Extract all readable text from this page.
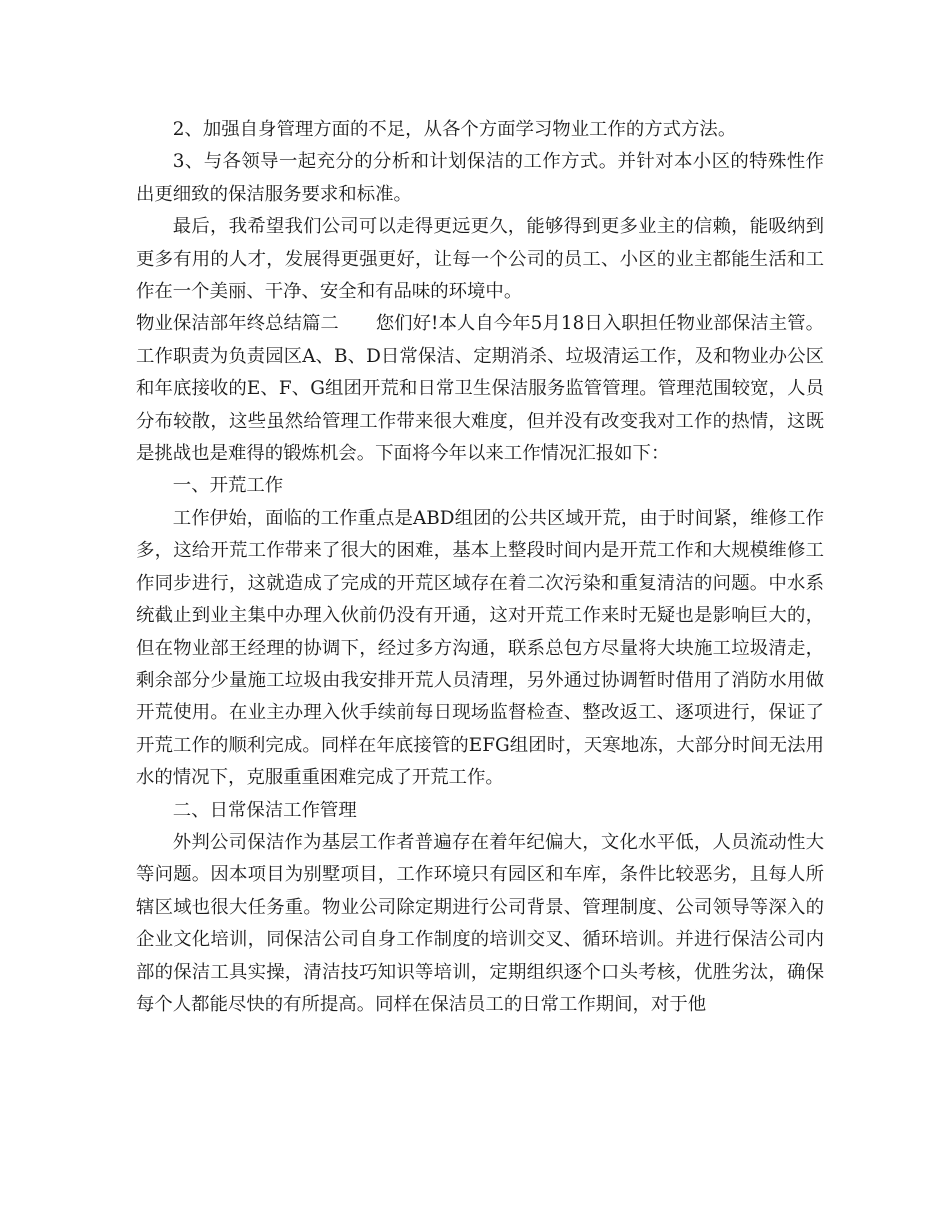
2、加强自身管理方面的不足，从各个方面学习物业工作的方式方法。

3、与各领导一起充分的分析和计划保洁的工作方式。并针对本小区的特殊性作出更细致的保洁服务要求和标准。

最后，我希望我们公司可以走得更远更久，能够得到更多业主的信赖，能吸纳到更多有用的人才，发展得更强更好，让每一个公司的员工、小区的业主都能生活和工作在一个美丽、干净、安全和有品味的环境中。

物业保洁部年终总结篇二　　您们好!本人自今年5月18日入职担任物业部保洁主管。工作职责为负责园区A、B、D日常保洁、定期消杀、垃圾清运工作，及和物业办公区和年底接收的E、F、G组团开荒和日常卫生保洁服务监管管理。管理范围较宽，人员分布较散，这些虽然给管理工作带来很大难度，但并没有改变我对工作的热情，这既是挑战也是难得的锻炼机会。下面将今年以来工作情况汇报如下：

一、开荒工作

工作伊始，面临的工作重点是ABD组团的公共区域开荒，由于时间紧，维修工作多，这给开荒工作带来了很大的困难，基本上整段时间内是开荒工作和大规模维修工作同步进行，这就造成了完成的开荒区域存在着二次污染和重复清洁的问题。中水系统截止到业主集中办理入伙前仍没有开通，这对开荒工作来时无疑也是影响巨大的，但在物业部王经理的协调下，经过多方沟通，联系总包方尽量将大块施工垃圾清走，剩余部分少量施工垃圾由我安排开荒人员清理，另外通过协调暂时借用了消防水用做开荒使用。在业主办理入伙手续前每日现场监督检查、整改返工、逐项进行，保证了开荒工作的顺利完成。同样在年底接管的EFG组团时，天寒地冻，大部分时间无法用水的情况下，克服重重困难完成了开荒工作。

二、日常保洁工作管理

外判公司保洁作为基层工作者普遍存在着年纪偏大，文化水平低，人员流动性大等问题。因本项目为别墅项目，工作环境只有园区和车库，条件比较恶劣，且每人所辖区域也很大任务重。物业公司除定期进行公司背景、管理制度、公司领导等深入的企业文化培训，同保洁公司自身工作制度的培训交叉、循环培训。并进行保洁公司内部的保洁工具实操，清洁技巧知识等培训，定期组织逐个口头考核，优胜劣汰，确保每个人都能尽快的有所提高。同样在保洁员工的日常工作期间，对于他
